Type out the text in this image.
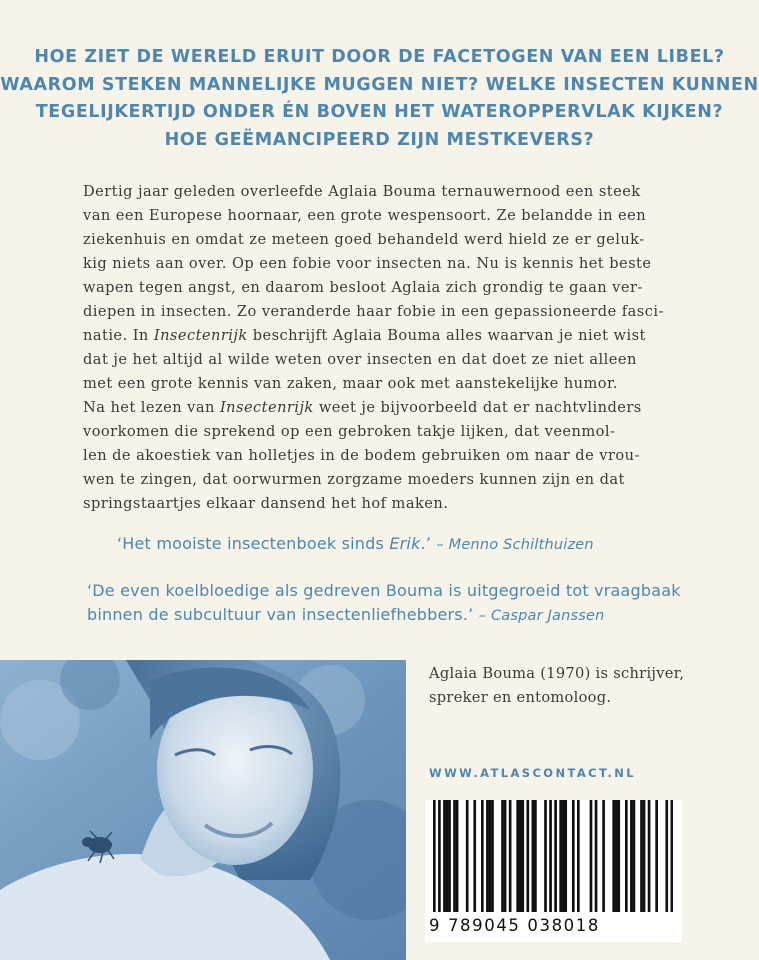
HOE ZIET DE WERELD ERUIT DOOR DE FACETOGEN VAN EEN LIBEL?
WAAROM STEKEN MANNELIJKE MUGGEN NIET? WELKE INSECTEN KUNNEN
TEGELIJKERTIJD ONDER ÉN BOVEN HET WATEROPPERVLAK KIJKEN?
HOE GEËMANCIPEERD ZIJN MESTKEVERS?
Dertig jaar geleden overleefde Aglaia Bouma ternauwernood een steek
van een Europese hoornaar, een grote wespensoort. Ze belandde in een
ziekenhuis en omdat ze meteen goed behandeld werd hield ze er geluk-
kig niets aan over. Op een fobie voor insecten na. Nu is kennis het beste
wapen tegen angst, en daarom besloot Aglaia zich grondig te gaan ver-
diepen in insecten. Zo veranderde haar fobie in een gepassioneerde fasci-
natie. In Insectenrijk beschrijft Aglaia Bouma alles waarvan je niet wist
dat je het altijd al wilde weten over insecten en dat doet ze niet alleen
met een grote kennis van zaken, maar ook met aanstekelijke humor.
Na het lezen van Insectenrijk weet je bijvoorbeeld dat er nachtvlinders
voorkomen die sprekend op een gebroken takje lijken, dat veenmol-
len de akoestiek van holletjes in de bodem gebruiken om naar de vrou-
wen te zingen, dat oorwurmen zorgzame moeders kunnen zijn en dat
springstaartjes elkaar dansend het hof maken.
‘Het mooiste insectenboek sinds Erik.’ – Menno Schilthuizen
‘De even koelbloedige als gedreven Bouma is uitgegroeid tot vraagbaak
binnen de subcultuur van insectenliefhebbers.’ – Caspar Janssen
Aglaia Bouma (1970) is schrijver,
spreker en entomoloog.
WWW.ATLASCONTACT.NL
9 789045 038018
